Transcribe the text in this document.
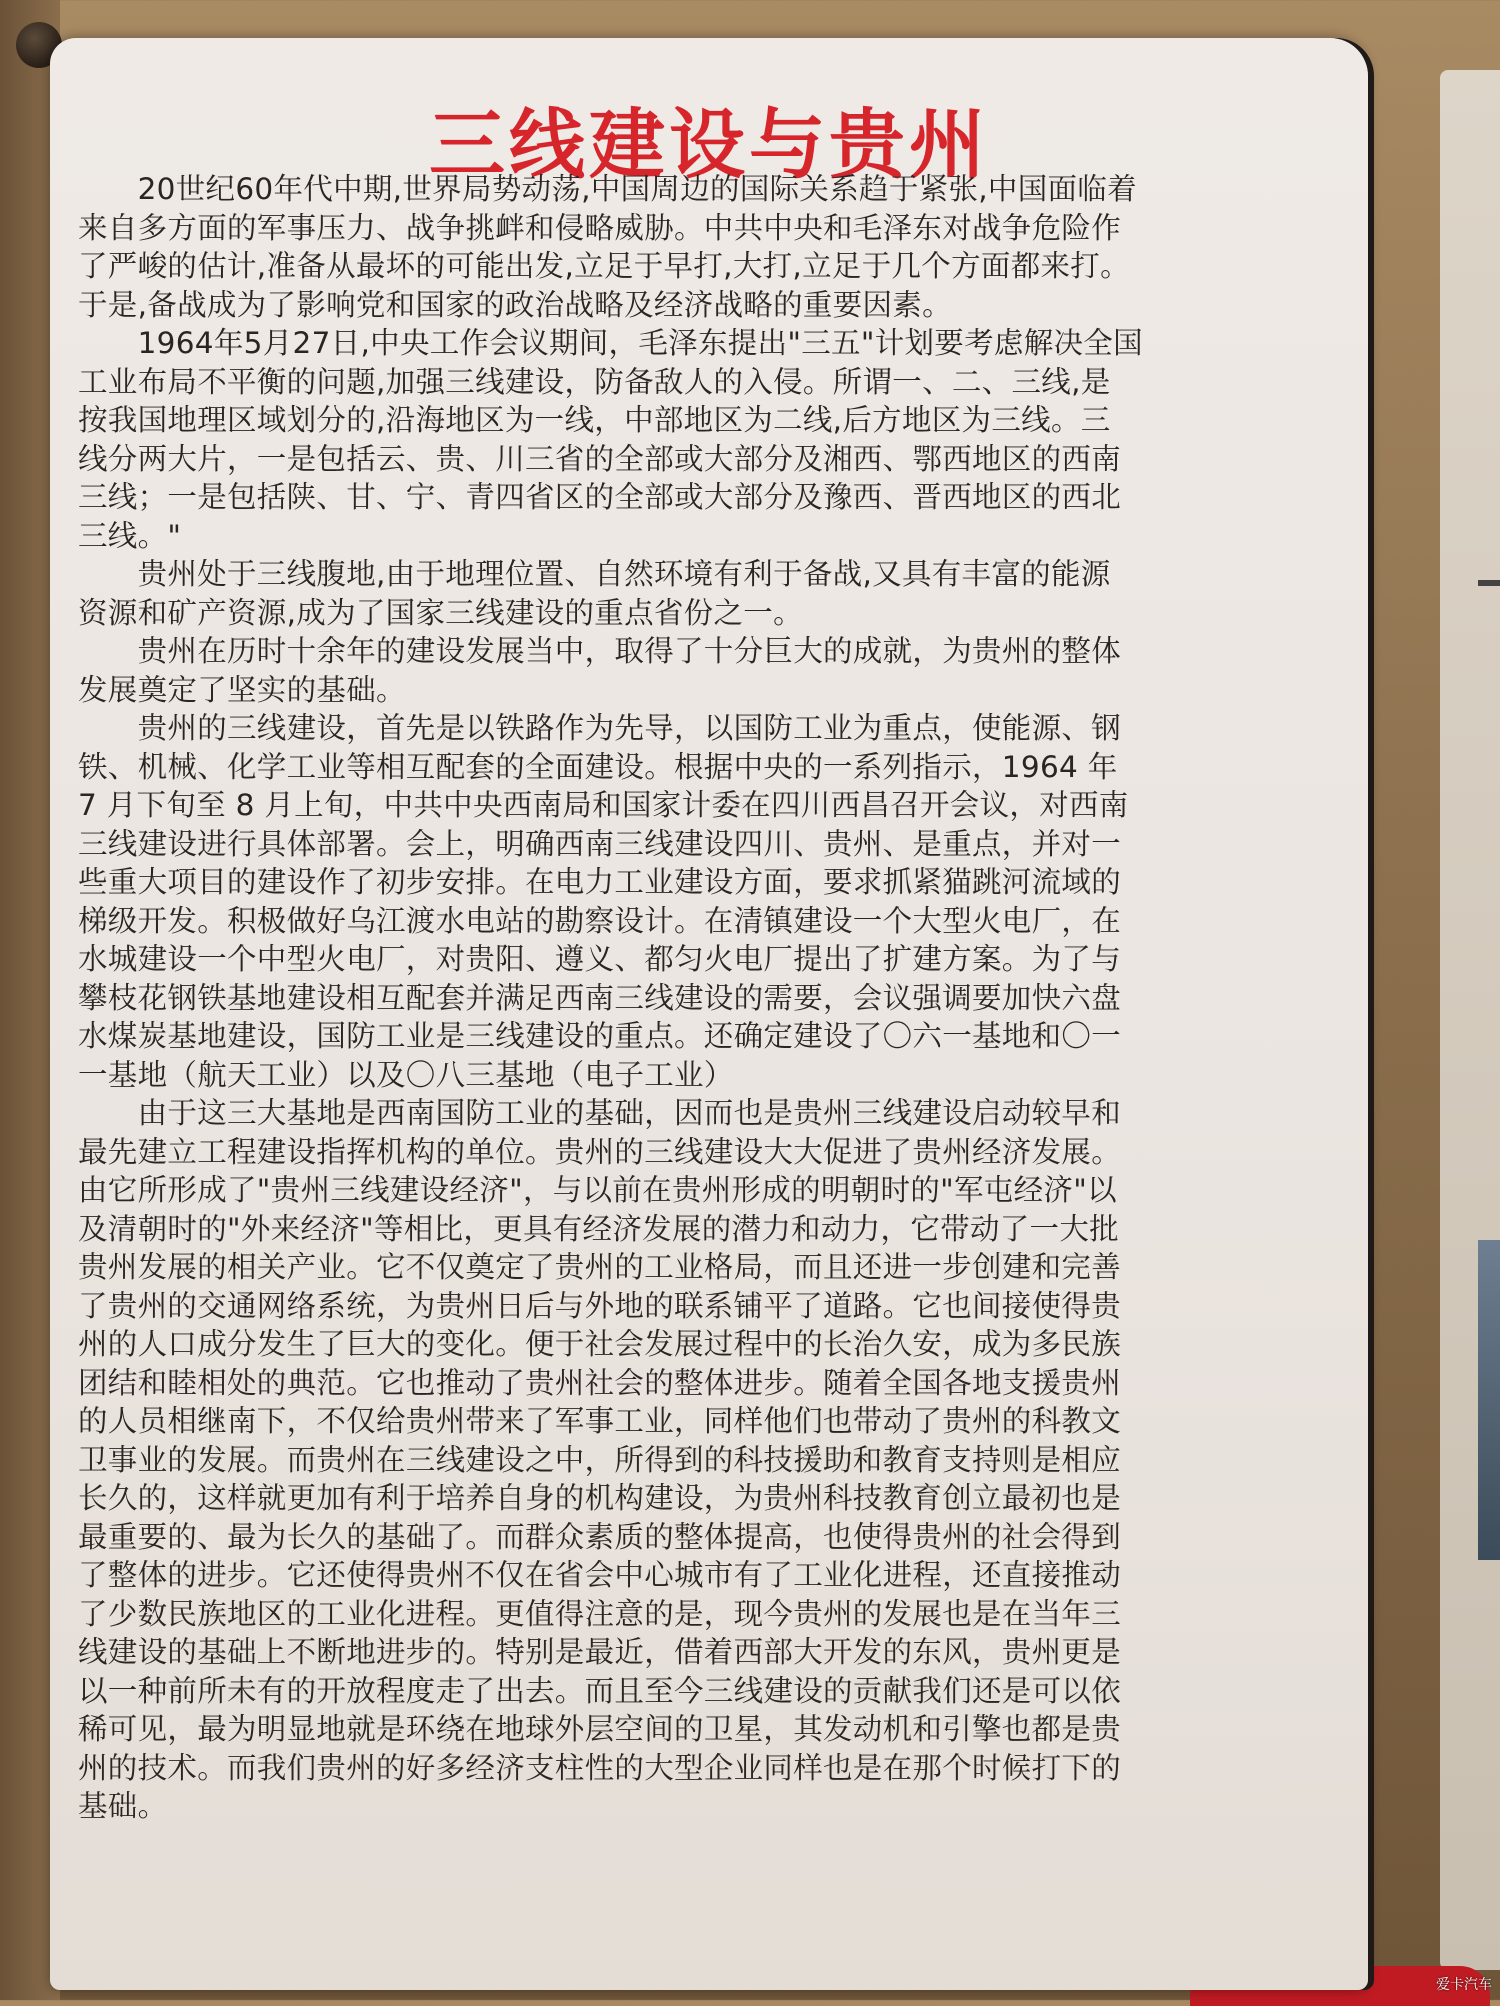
三线建设与贵州
　　20世纪60年代中期,世界局势动荡,中国周边的国际关系趋于紧张,中国面临着
来自多方面的军事压力、战争挑衅和侵略威胁。中共中央和毛泽东对战争危险作
了严峻的估计,准备从最坏的可能出发,立足于早打,大打,立足于几个方面都来打。
于是,备战成为了影响党和国家的政治战略及经济战略的重要因素。
　　1964年5月27日,中央工作会议期间，毛泽东提出"三五"计划要考虑解决全国
工业布局不平衡的问题,加强三线建设，防备敌人的入侵。所谓一、二、三线,是
按我国地理区域划分的,沿海地区为一线，中部地区为二线,后方地区为三线。三
线分两大片，一是包括云、贵、川三省的全部或大部分及湘西、鄂西地区的西南
三线；一是包括陕、甘、宁、青四省区的全部或大部分及豫西、晋西地区的西北
三线。"
　　贵州处于三线腹地,由于地理位置、自然环境有利于备战,又具有丰富的能源
资源和矿产资源,成为了国家三线建设的重点省份之一。
　　贵州在历时十余年的建设发展当中，取得了十分巨大的成就，为贵州的整体
发展奠定了坚实的基础。
　　贵州的三线建设，首先是以铁路作为先导，以国防工业为重点，使能源、钢
铁、机械、化学工业等相互配套的全面建设。根据中央的一系列指示，1964 年
7 月下旬至 8 月上旬，中共中央西南局和国家计委在四川西昌召开会议，对西南
三线建设进行具体部署。会上，明确西南三线建设四川、贵州、是重点，并对一
些重大项目的建设作了初步安排。在电力工业建设方面，要求抓紧猫跳河流域的
梯级开发。积极做好乌江渡水电站的勘察设计。在清镇建设一个大型火电厂，在
水城建设一个中型火电厂，对贵阳、遵义、都匀火电厂提出了扩建方案。为了与
攀枝花钢铁基地建设相互配套并满足西南三线建设的需要，会议强调要加快六盘
水煤炭基地建设，国防工业是三线建设的重点。还确定建设了〇六一基地和〇一
一基地（航天工业）以及〇八三基地（电子工业）
　　由于这三大基地是西南国防工业的基础，因而也是贵州三线建设启动较早和
最先建立工程建设指挥机构的单位。贵州的三线建设大大促进了贵州经济发展。
由它所形成了"贵州三线建设经济"，与以前在贵州形成的明朝时的"军屯经济"以
及清朝时的"外来经济"等相比，更具有经济发展的潜力和动力，它带动了一大批
贵州发展的相关产业。它不仅奠定了贵州的工业格局，而且还进一步创建和完善
了贵州的交通网络系统，为贵州日后与外地的联系铺平了道路。它也间接使得贵
州的人口成分发生了巨大的变化。便于社会发展过程中的长治久安，成为多民族
团结和睦相处的典范。它也推动了贵州社会的整体进步。随着全国各地支援贵州
的人员相继南下，不仅给贵州带来了军事工业，同样他们也带动了贵州的科教文
卫事业的发展。而贵州在三线建设之中，所得到的科技援助和教育支持则是相应
长久的，这样就更加有利于培养自身的机构建设，为贵州科技教育创立最初也是
最重要的、最为长久的基础了。而群众素质的整体提高，也使得贵州的社会得到
了整体的进步。它还使得贵州不仅在省会中心城市有了工业化进程，还直接推动
了少数民族地区的工业化进程。更值得注意的是，现今贵州的发展也是在当年三
线建设的基础上不断地进步的。特别是最近，借着西部大开发的东风，贵州更是
以一种前所未有的开放程度走了出去。而且至今三线建设的贡献我们还是可以依
稀可见，最为明显地就是环绕在地球外层空间的卫星，其发动机和引擎也都是贵
州的技术。而我们贵州的好多经济支柱性的大型企业同样也是在那个时候打下的
基础。
爱卡汽车
